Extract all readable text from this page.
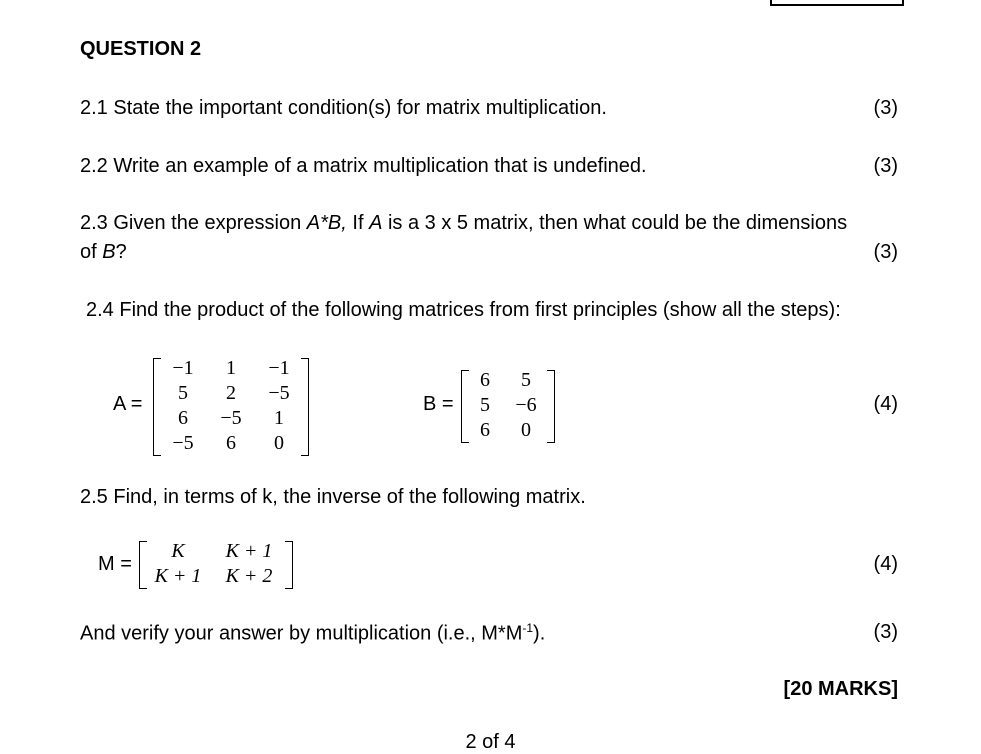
QUESTION 2
2.1 State the important condition(s) for matrix multiplication.	(3)
2.2 Write an example of a matrix multiplication that is undefined.	(3)
2.3 Given the expression A*B, If A is a 3 x 5 matrix, then what could be the dimensions
of B?	(3)
2.4 Find the product of the following matrices from first principles (show all the steps):
A =
−1	1	−1
5	2	−5
6	−5	1
−5	6	0
B =
6	5
5	−6
6	0
(4)
2.5 Find, in terms of k, the inverse of the following matrix.
M =
K	K + 1
K + 1	K + 2
(4)
And verify your answer by multiplication (i.e., $M*M^{-1}$).	(3)
[20 MARKS]
2 of 4
